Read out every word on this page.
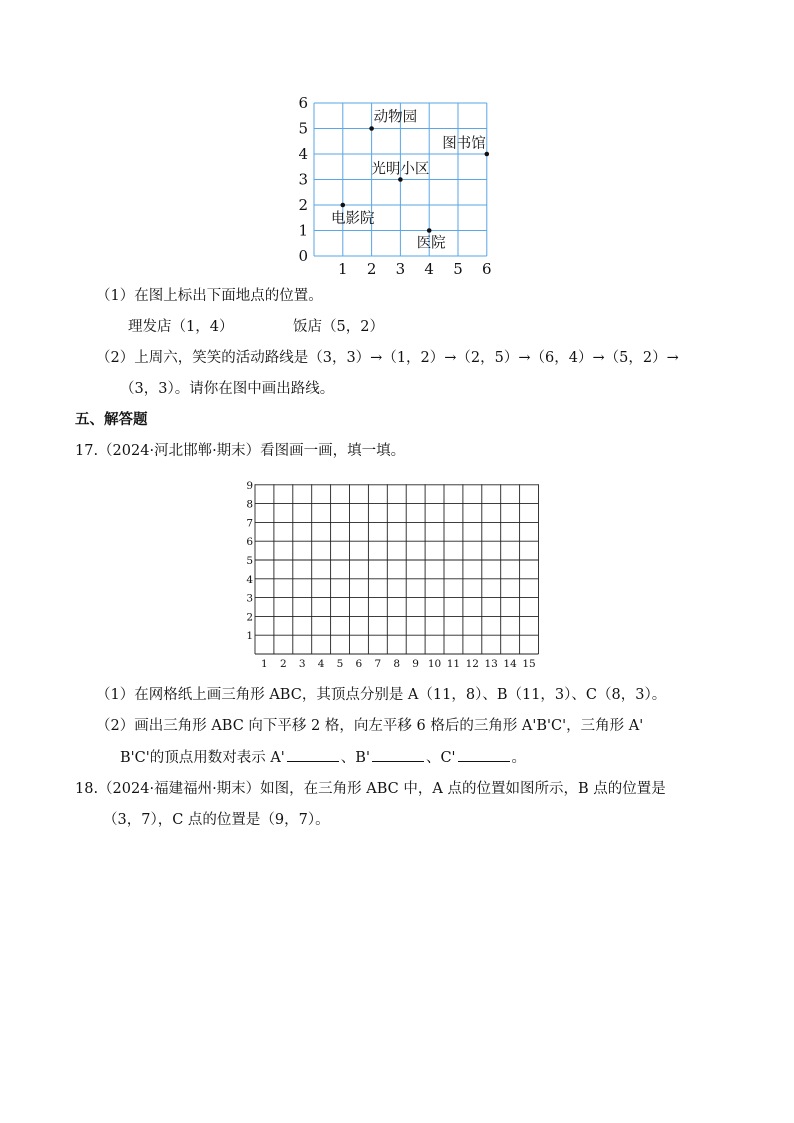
0
1
2
3
4
5
6
1 2 3 4 5 6
动物园
图书馆
光明小区
电影院
医院
（1）在图上标出下面地点的位置。
理发店（1，4）	饭店（5，2）
（2）上周六，笑笑的活动路线是（3，3）→（1，2）→（2，5）→（6，4）→（5，2）→
（3，3）。请你在图中画出路线。
五、解答题
17.（2024·河北邯郸·期末）看图画一画，填一填。
1
2
3
4
5
6
7
8
9
1 2 3 4 5 6 7 8 9 10 11 12 13 14 15
（1）在网格纸上画三角形 ABC，其顶点分别是 A（11，8）、B（11，3）、C（8，3）。
（2）画出三角形 ABC 向下平移 2 格，向左平移 6 格后的三角形 A'B'C'，三角形 A'
B'C'的顶点用数对表示 A'	、B'	、C'	。
18.（2024·福建福州·期末）如图，在三角形 ABC 中，A 点的位置如图所示，B 点的位置是
（3，7），C 点的位置是（9，7）。
